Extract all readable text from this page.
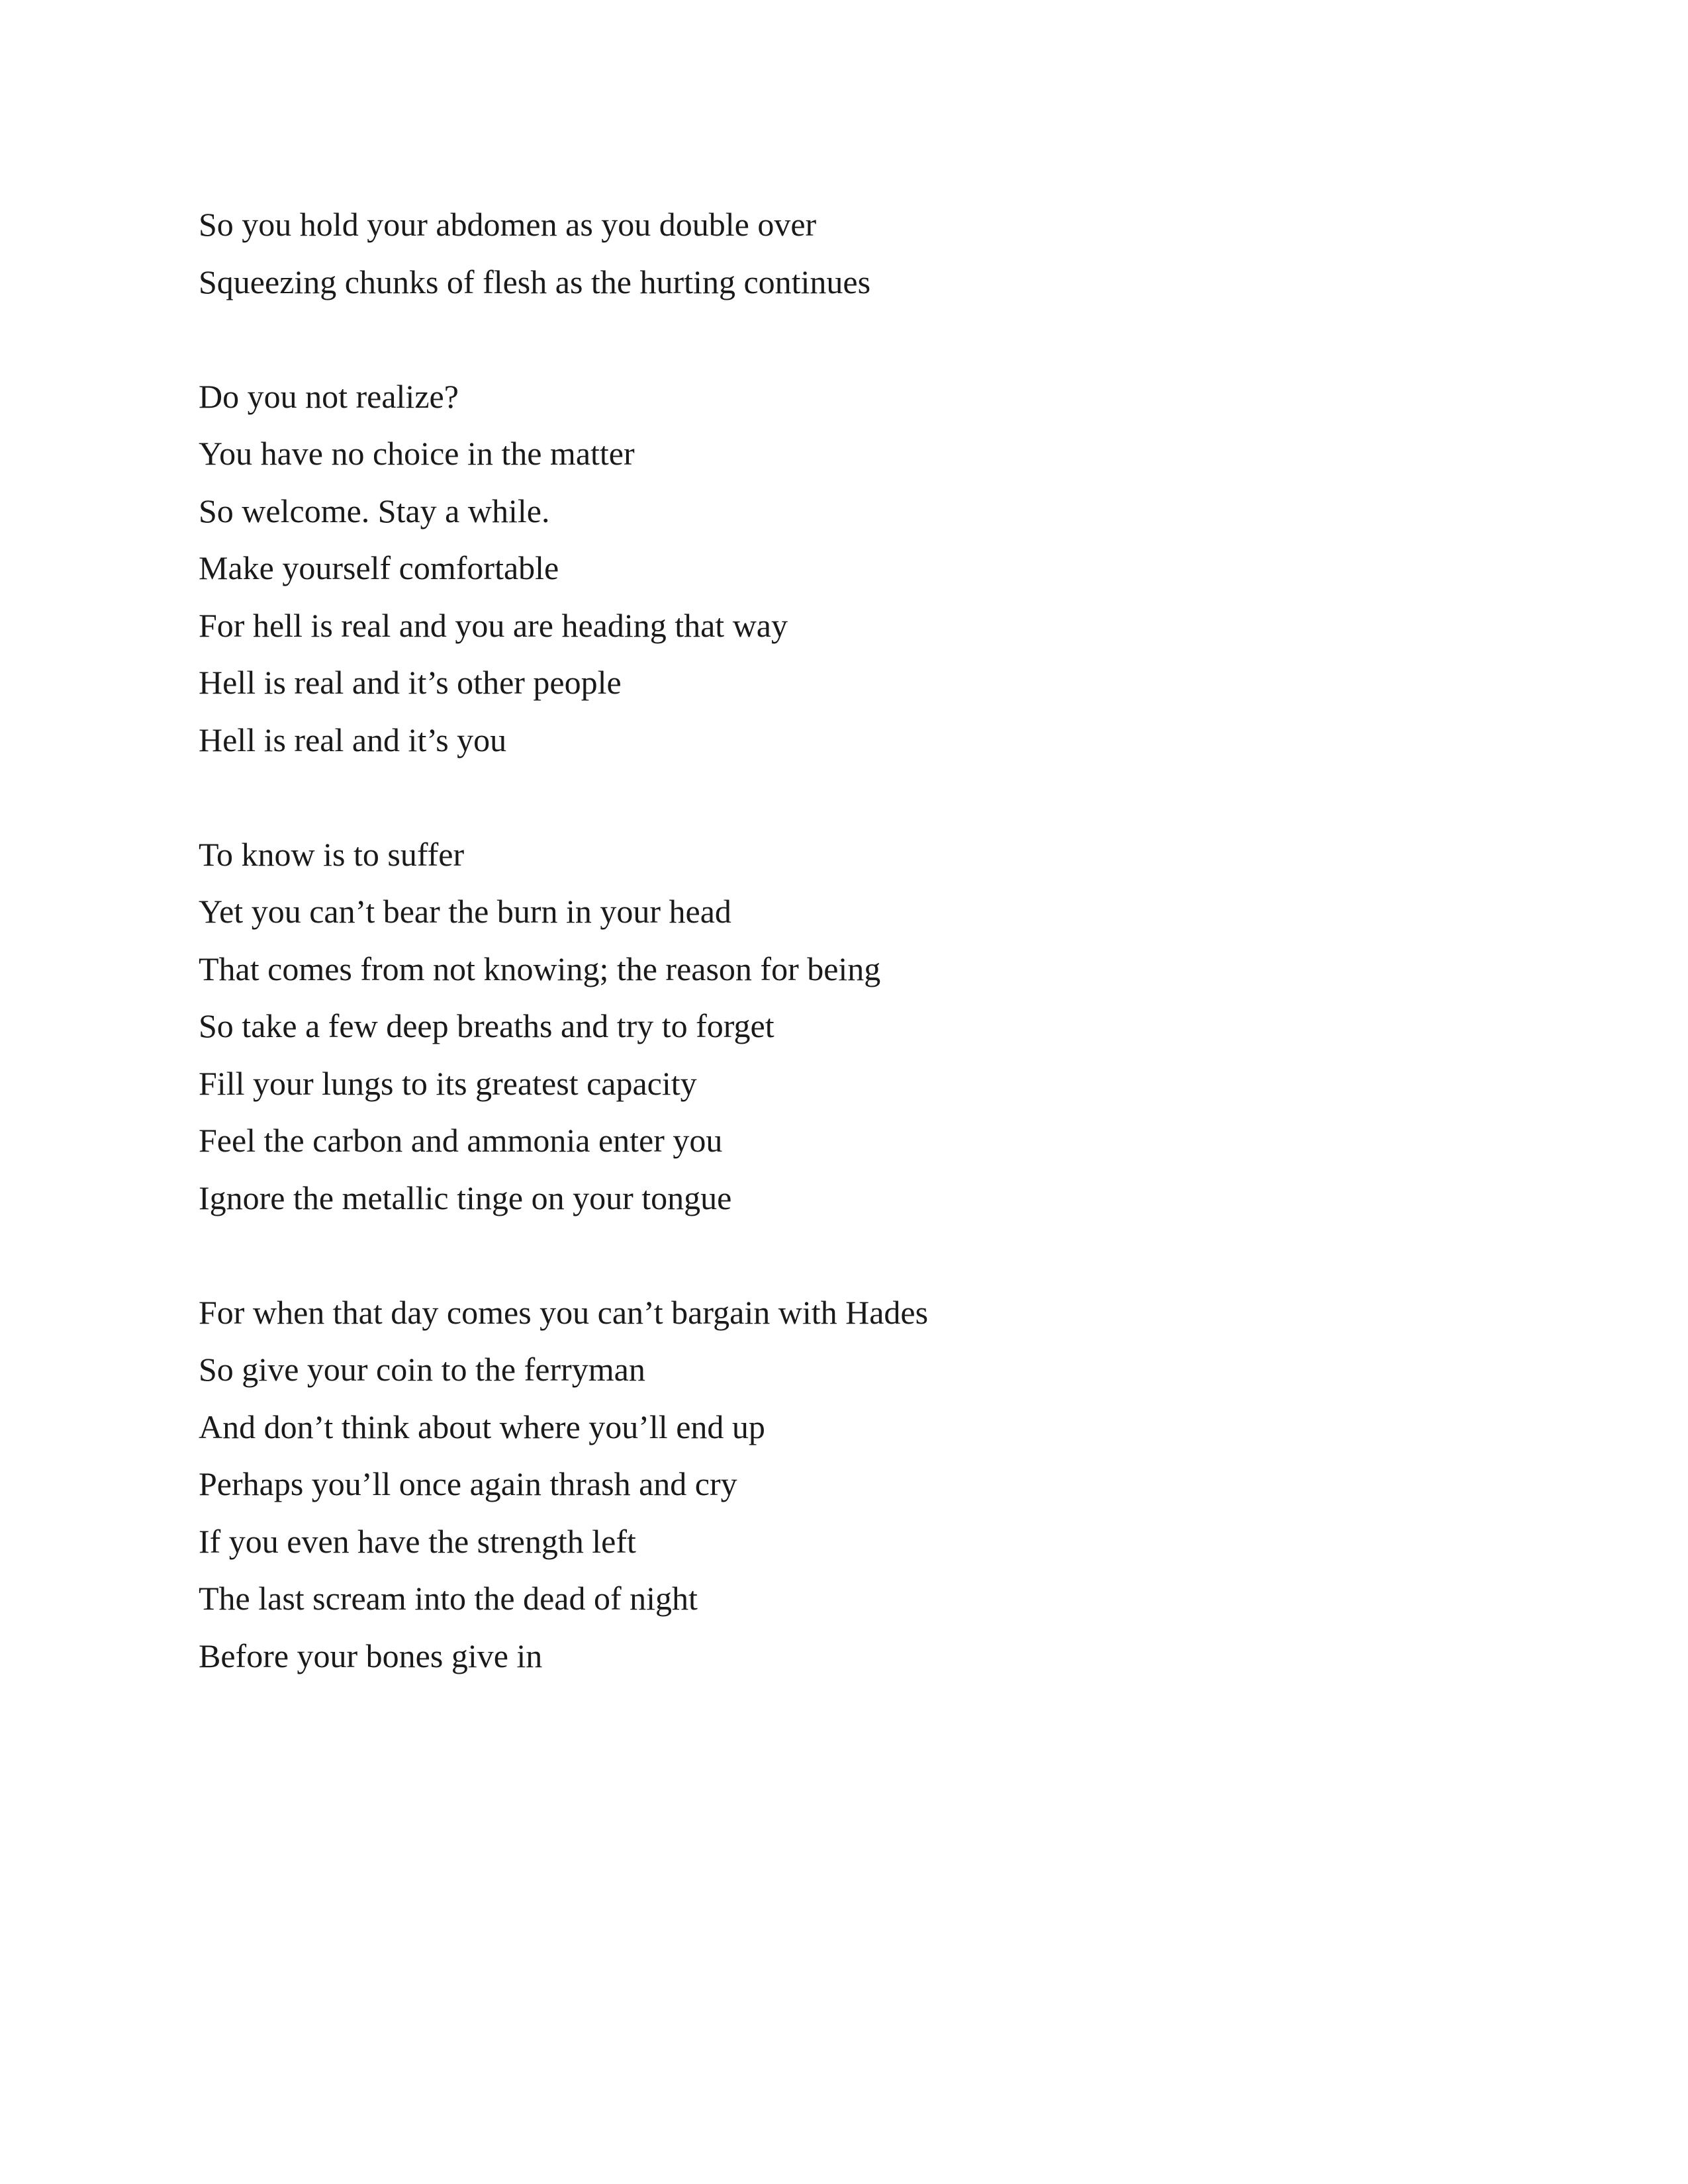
So you hold your abdomen as you double over
Squeezing chunks of flesh as the hurting continues
Do you not realize?
You have no choice in the matter
So welcome. Stay a while.
Make yourself comfortable
For hell is real and you are heading that way
Hell is real and it’s other people
Hell is real and it’s you
To know is to suffer
Yet you can’t bear the burn in your head
That comes from not knowing; the reason for being
So take a few deep breaths and try to forget
Fill your lungs to its greatest capacity
Feel the carbon and ammonia enter you
Ignore the metallic tinge on your tongue
For when that day comes you can’t bargain with Hades
So give your coin to the ferryman
And don’t think about where you’ll end up
Perhaps you’ll once again thrash and cry
If you even have the strength left
The last scream into the dead of night
Before your bones give in
